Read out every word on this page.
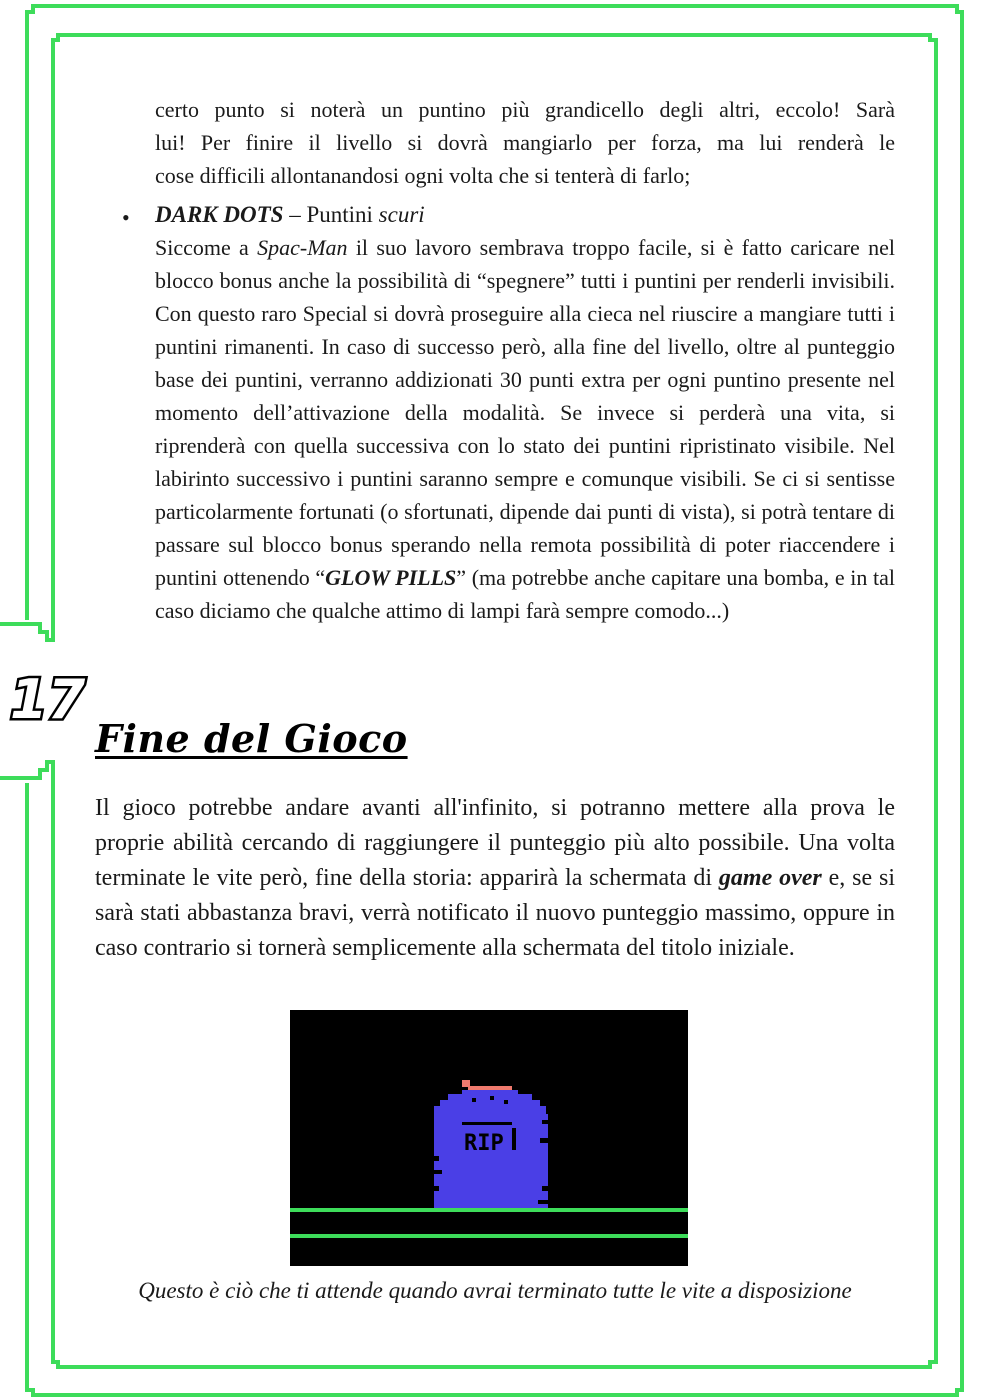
17
certo punto si noterà un puntino più grandicello degli altri, eccolo! Sarà
lui! Per finire il livello si dovrà mangiarlo per forza, ma lui renderà le
cose difficili allontanandosi ogni volta che si tenterà di farlo;
• DARK DOTS – Puntini scuri
Siccome a Spac-Man il suo lavoro sembrava troppo facile, si è fatto caricare nel blocco bonus anche la possibilità di “spegnere” tutti i puntini per renderli invisibili. Con questo raro Special si dovrà proseguire alla cieca nel riuscire a mangiare tutti i puntini rimanenti. In caso di successo però, alla fine del livello, oltre al punteggio base dei puntini, verranno addizionati 30 punti extra per ogni puntino presente nel momento dell’attivazione della modalità. Se invece si perderà una vita, si riprenderà con quella successiva con lo stato dei puntini ripristinato visibile. Nel labirinto successivo i puntini saranno sempre e comunque visibili. Se ci si sentisse particolarmente fortunati (o sfortunati, dipende dai punti di vista), si potrà tentare di passare sul blocco bonus sperando nella remota possibilità di poter riaccendere i puntini ottenendo “GLOW PILLS” (ma potrebbe anche capitare una bomba, e in tal caso diciamo che qualche attimo di lampi farà sempre comodo...)
Fine del Gioco
Il gioco potrebbe andare avanti all'infinito, si potranno mettere alla prova le proprie abilità cercando di raggiungere il punteggio più alto possibile. Una volta terminate le vite però, fine della storia: apparirà la schermata di game over e, se si sarà stati abbastanza bravi, verrà notificato il nuovo punteggio massimo, oppure in caso contrario si tornerà semplicemente alla schermata del titolo iniziale.
RIP
Questo è ciò che ti attende quando avrai terminato tutte le vite a disposizione
